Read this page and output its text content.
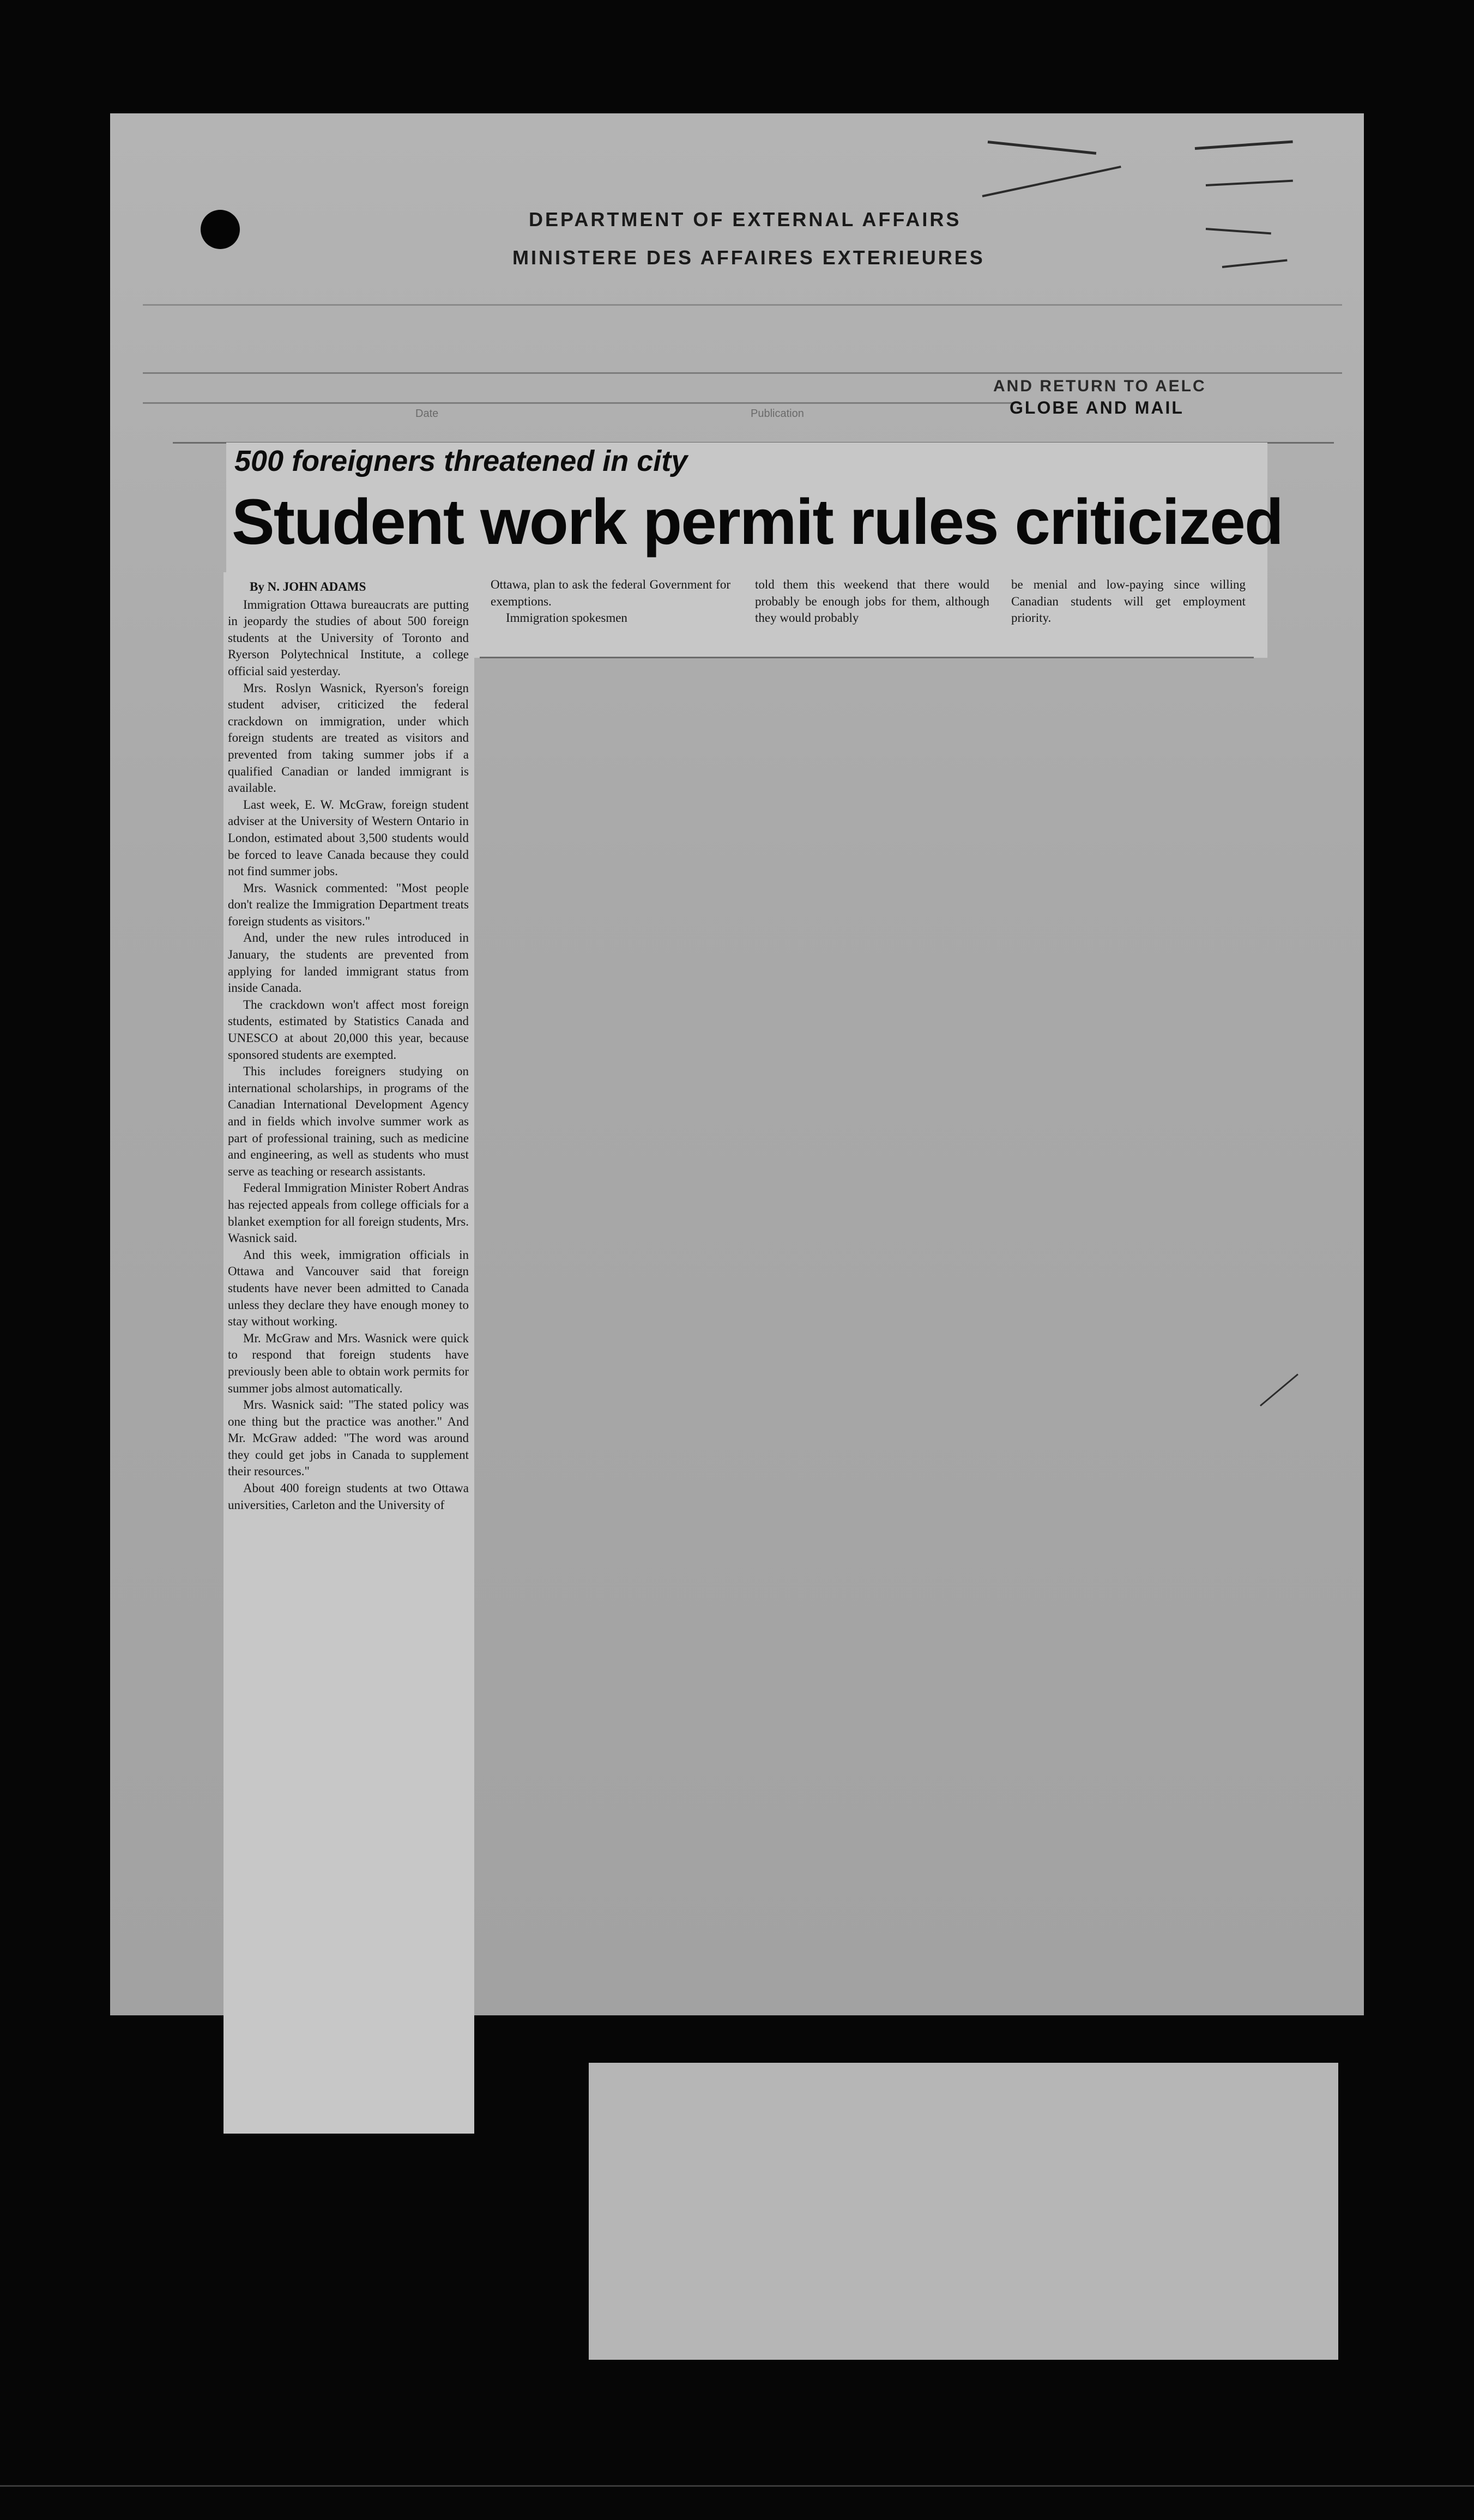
DEPARTMENT OF EXTERNAL AFFAIRS
MINISTERE DES AFFAIRES EXTERIEURES
Date	Publication
AND RETURN TO AELC
GLOBE AND MAIL
500 foreigners threatened in city
Student work permit rules criticized

By N. JOHN ADAMS

Immigration Ottawa bureaucrats are putting in jeopardy the studies of about 500 foreign students at the University of Toronto and Ryerson Polytechnical Institute, a college official said yesterday.

Mrs. Roslyn Wasnick, Ryerson's foreign student adviser, criticized the federal crackdown on immigration, under which foreign students are treated as visitors and prevented from taking summer jobs if a qualified Canadian or landed immigrant is available.

Last week, E. W. McGraw, foreign student adviser at the University of Western Ontario in London, estimated about 3,500 students would be forced to leave Canada because they could not find summer jobs.

Mrs. Wasnick commented: "Most people don't realize the Immigration Department treats foreign students as visitors."

And, under the new rules introduced in January, the students are prevented from applying for landed immigrant status from inside Canada.

The crackdown won't affect most foreign students, estimated by Statistics Canada and UNESCO at about 20,000 this year, because sponsored students are exempted.

This includes foreigners studying on international scholarships, in programs of the Canadian International Development Agency and in fields which involve summer work as part of professional training, such as medicine and engineering, as well as students who must serve as teaching or research assistants.

Federal Immigration Minister Robert Andras has rejected appeals from college officials for a blanket exemption for all foreign students, Mrs. Wasnick said.

And this week, immigration officials in Ottawa and Vancouver said that foreign students have never been admitted to Canada unless they declare they have enough money to stay without working.

Mr. McGraw and Mrs. Wasnick were quick to respond that foreign students have previously been able to obtain work permits for summer jobs almost automatically.

Mrs. Wasnick said: "The stated policy was one thing but the practice was another." And Mr. McGraw added: "The word was around they could get jobs in Canada to supplement their resources."

About 400 foreign students at two Ottawa universities, Carleton and the University of

Ottawa, plan to ask the federal Government for exemptions.

Immigration spokesmen

told them this weekend that there would probably be enough jobs for them, although they would probably

be menial and low-paying since willing Canadian students will get employment priority.
